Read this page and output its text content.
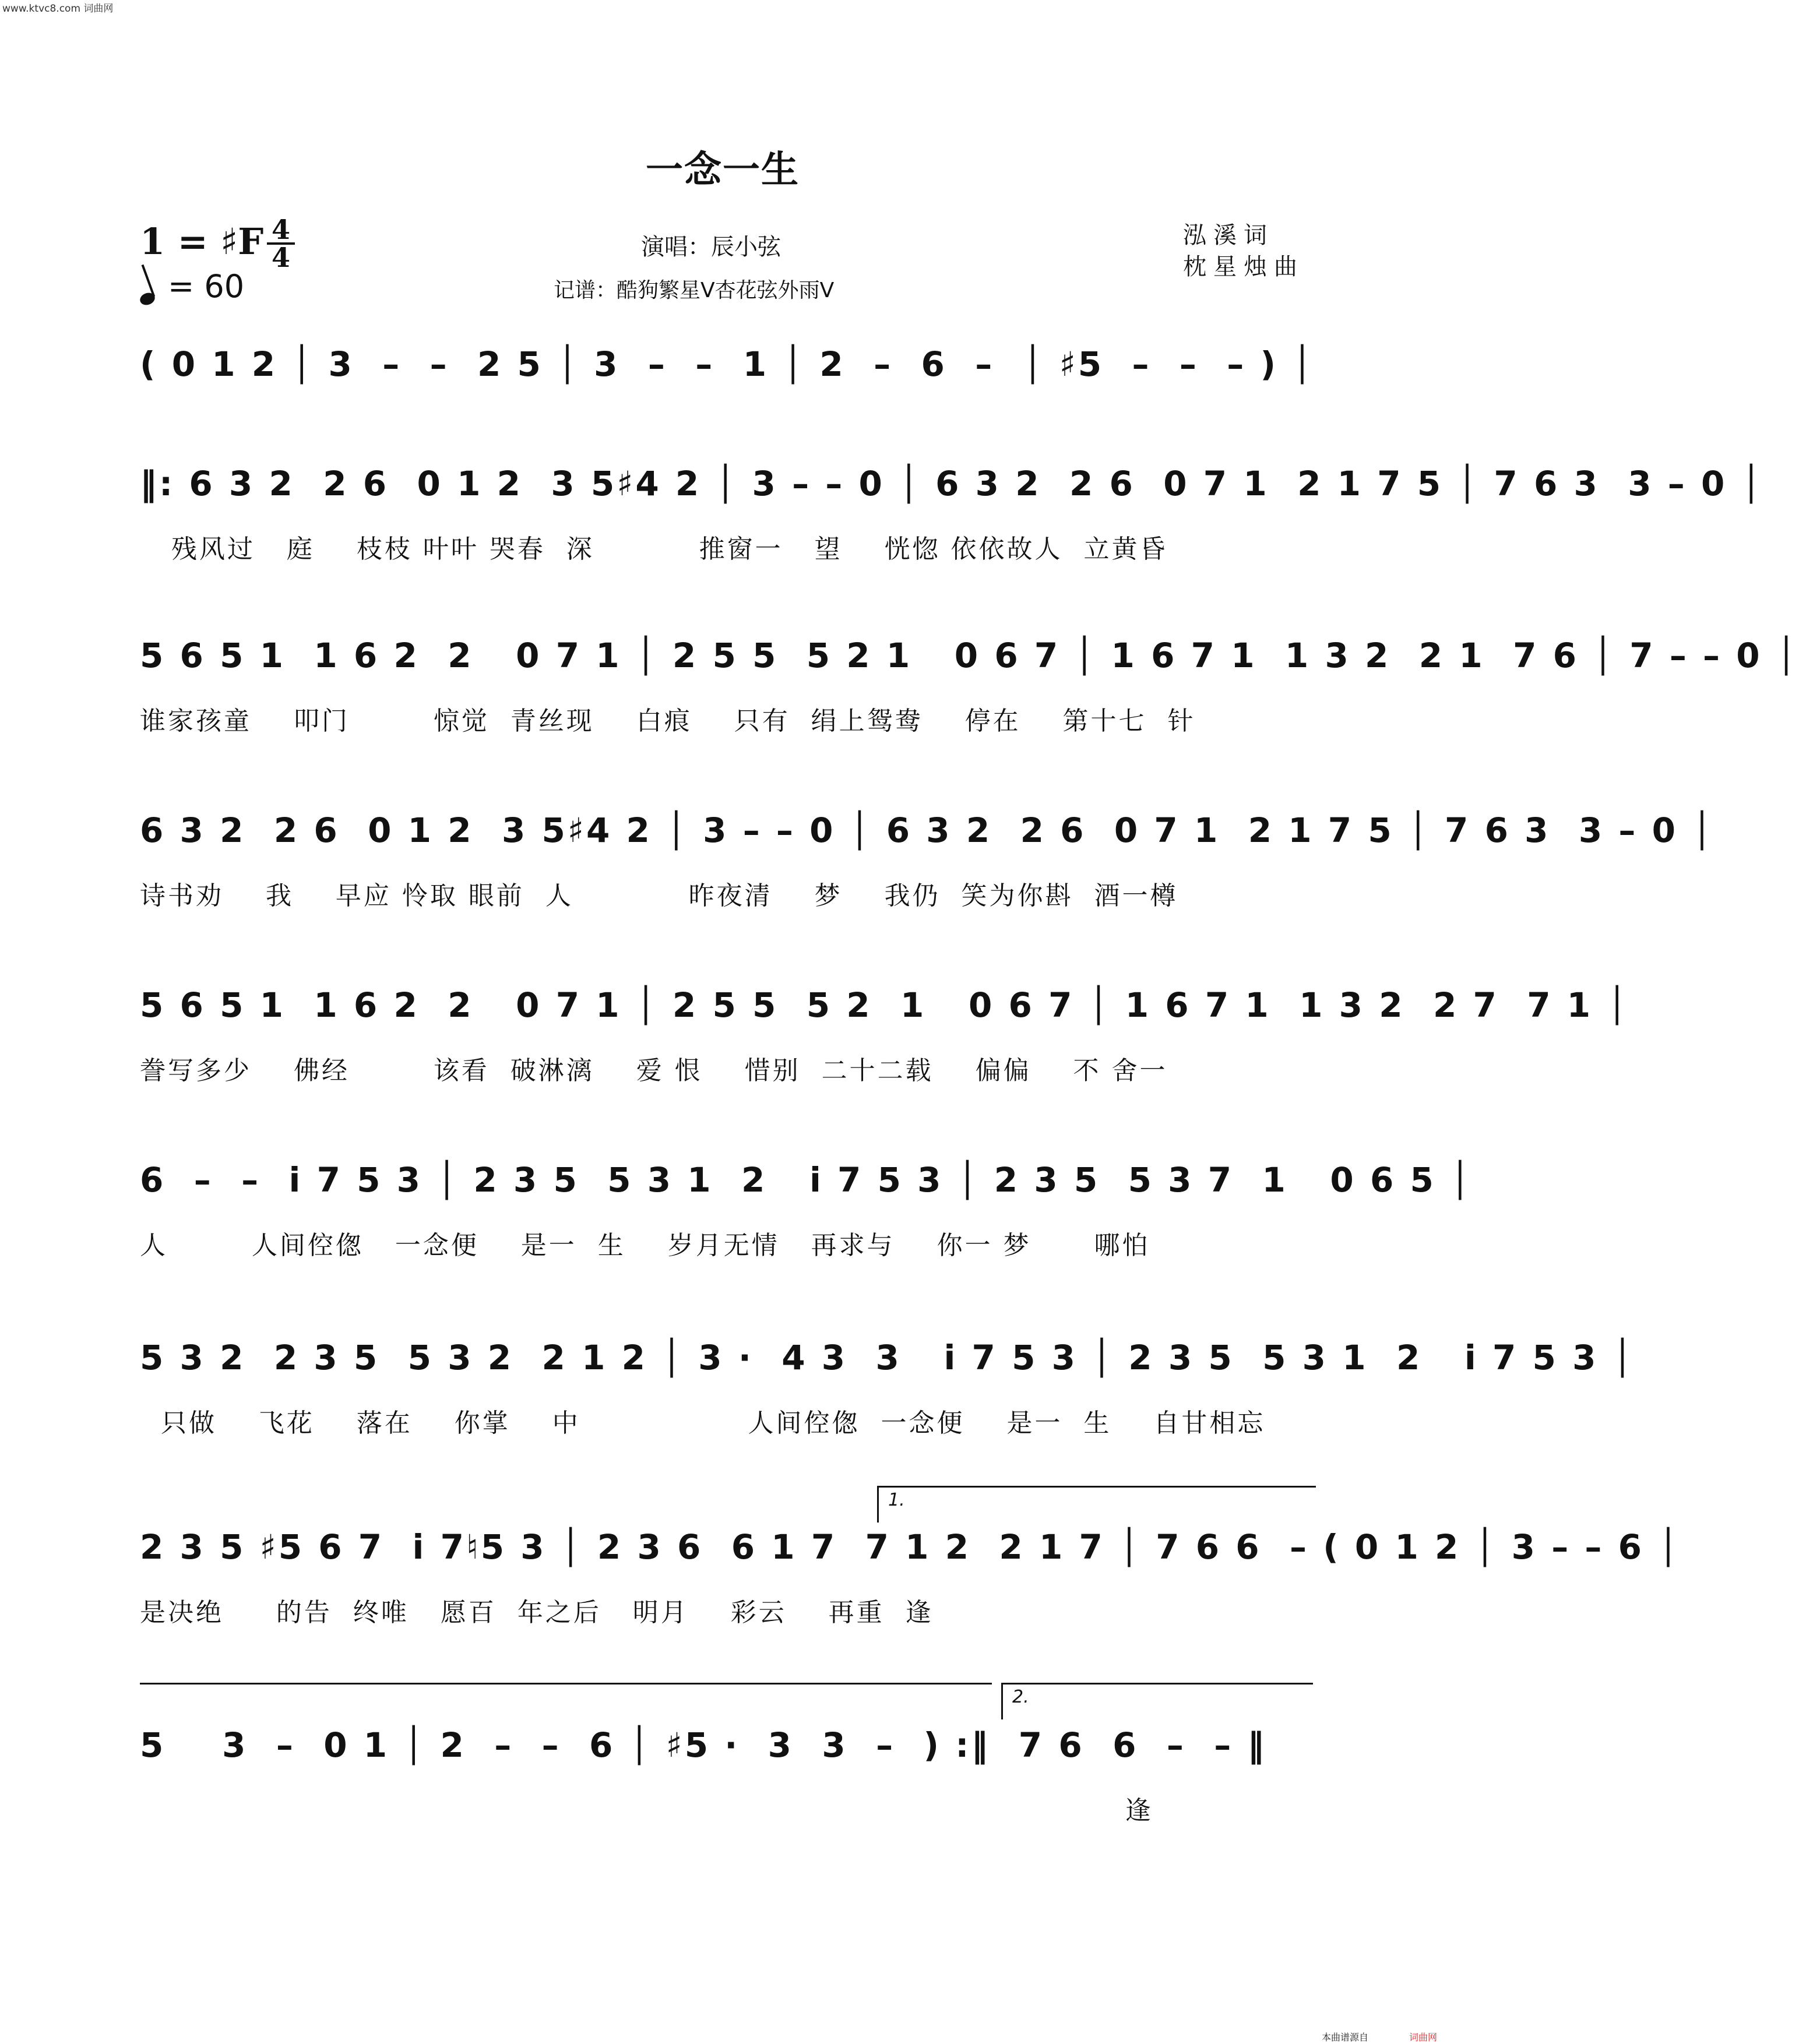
www.ktvc8.com 词曲网
一念一生
1 = ♯F 4
4
= 60
演唱：辰小弦
记谱：酷狗繁星V杏花弦外雨V
泓溪词
枕星烛曲
( 0 1 2 │ 3  –  –  2 5 │ 3  –  –  1 │ 2  –  6  –  │ ♯5  –  –  – ) │
‖: 6 3 2  2 6  0 1 2  3 5♯4 2 │ 3 – – 0 │ 6 3 2  2 6  0 7 1  2 1 7 5 │ 7 6 3  3 – 0 │
残风过   庭    枝枝 叶叶 哭春  深          推窗一   望    恍惚 依依故人  立黄昏
5 6 5 1  1 6 2  2   0 7 1 │ 2 5 5  5 2 1   0 6 7 │ 1 6 7 1  1 3 2  2 1  7 6 │ 7 – – 0 │
谁家孩童    叩门        惊觉  青丝现    白痕    只有  绢上鸳鸯    停在    第十七  针
6 3 2  2 6  0 1 2  3 5♯4 2 │ 3 – – 0 │ 6 3 2  2 6  0 7 1  2 1 7 5 │ 7 6 3  3 – 0 │
诗书劝    我    早应 怜取 眼前  人           昨夜清    梦    我仍  笑为你斟  酒一樽
5 6 5 1  1 6 2  2   0 7 1 │ 2 5 5  5 2  1   0 6 7 │ 1 6 7 1  1 3 2  2 7  7 1 │
誊写多少    佛经        该看  破淋漓    爱 恨    惜别  二十二载    偏偏    不 舍一
6  –  –  i 7 5 3 │ 2 3 5  5 3 1  2   i 7 5 3 │ 2 3 5  5 3 7  1   0 6 5 │
人        人间倥偬   一念便    是一  生    岁月无情   再求与    你一 梦      哪怕
5 3 2  2 3 5  5 3 2  2 1 2 │ 3 ·  4 3  3   i 7 5 3 │ 2 3 5  5 3 1  2   i 7 5 3 │
只做    飞花    落在    你掌    中                人间倥偬  一念便    是一  生    自甘相忘
1.
2 3 5 ♯5 6 7  i 7♮5 3 │ 2 3 6  6 1 7  7 1 2  2 1 7 │ 7 6 6  – ( 0 1 2 │ 3 – – 6 │
是决绝     的告  终唯   愿百  年之后   明月    彩云    再重  逢
2.
5    3  –  0 1 │ 2  –  –  6 │ ♯5 ·  3  3  –  ) :‖  7 6  6  –  – ‖
逢
本曲谱源自	词曲网
